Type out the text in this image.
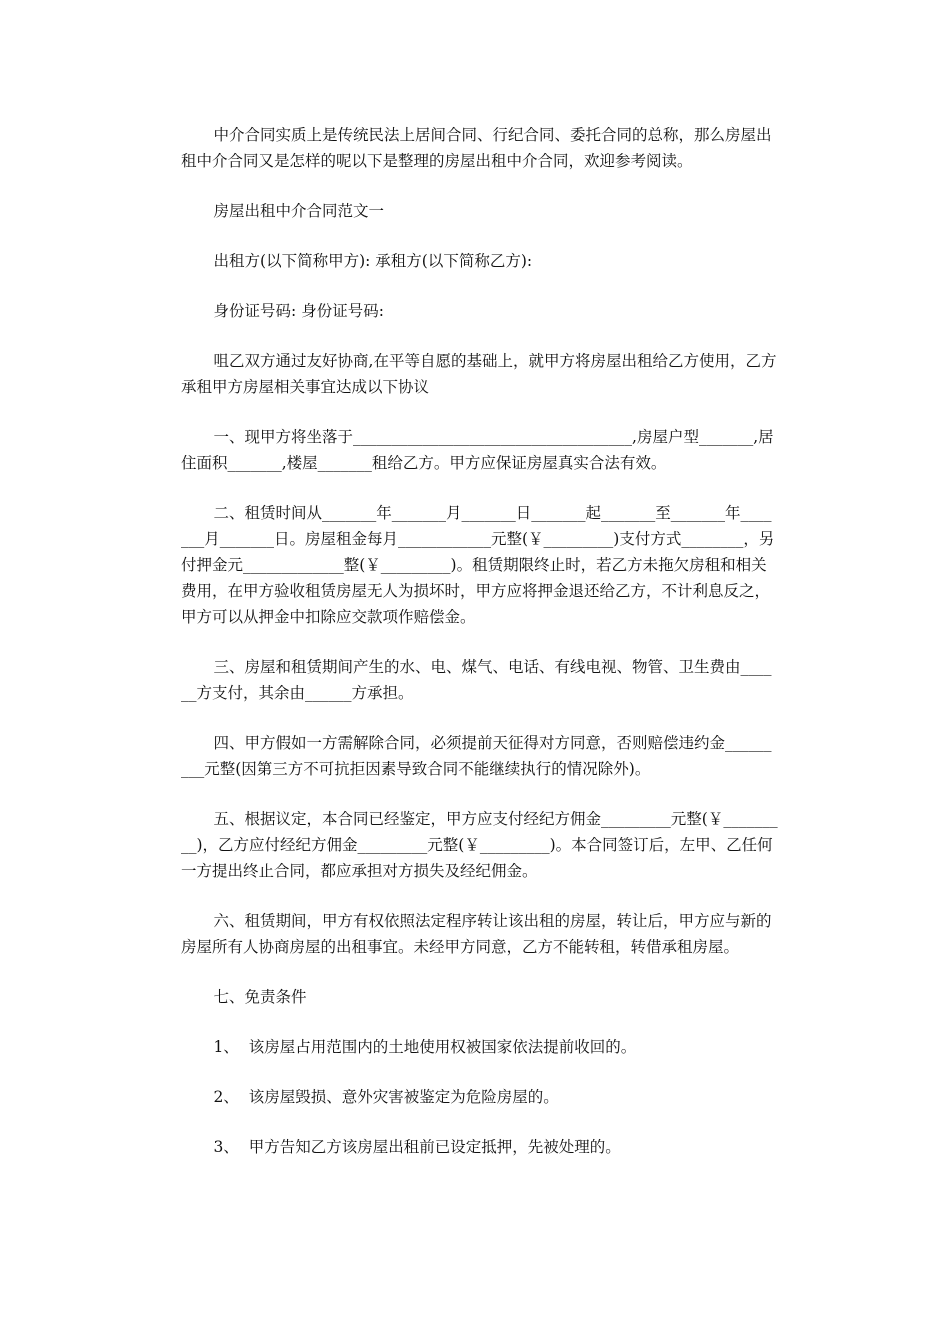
中介合同实质上是传统民法上居间合同、行纪合同、委托合同的总称，那么房屋出租中介合同又是怎样的呢以下是整理的房屋出租中介合同，欢迎参考阅读。

房屋出租中介合同范文一

出租方(以下简称甲方): 承租方(以下简称乙方):

身份证号码: 身份证号码:

咀乙双方通过友好协商,在平等自愿的基础上，就甲方将房屋出租给乙方使用，乙方承租甲方房屋相关事宜达成以下协议

一、现甲方将坐落于____________________________________,房屋户型_______,居住面积_______,楼屋_______租给乙方。甲方应保证房屋真实合法有效。

二、租赁时间从_______年_______月_______日_______起_______至_______年_______月_______日。房屋租金每月____________元整(￥_________)支付方式________，另付押金元_____________整(￥_________)。租赁期限终止时，若乙方未拖欠房租和相关费用，在甲方验收租赁房屋无人为损坏时，甲方应将押金退还给乙方，不计利息反之，甲方可以从押金中扣除应交款项作赔偿金。

三、房屋和租赁期间产生的水、电、煤气、电话、有线电视、物管、卫生费由______方支付，其余由______方承担。

四、甲方假如一方需解除合同，必须提前天征得对方同意，否则赔偿违约金_________元整(因第三方不可抗拒因素导致合同不能继续执行的情况除外)。

五、根据议定，本合同已经鉴定，甲方应支付经纪方佣金_________元整(￥_________)，乙方应付经纪方佣金_________元整(￥_________)。本合同签订后，左甲、乙任何一方提出终止合同，都应承担对方损失及经纪佣金。

六、租赁期间，甲方有权依照法定程序转让该出租的房屋，转让后，甲方应与新的房屋所有人协商房屋的出租事宜。未经甲方同意，乙方不能转租，转借承租房屋。

七、免责条件

1、  该房屋占用范围内的土地使用权被国家依法提前收回的。

2、  该房屋毁损、意外灾害被鉴定为危险房屋的。

3、  甲方告知乙方该房屋出租前已设定抵押，先被处理的。
